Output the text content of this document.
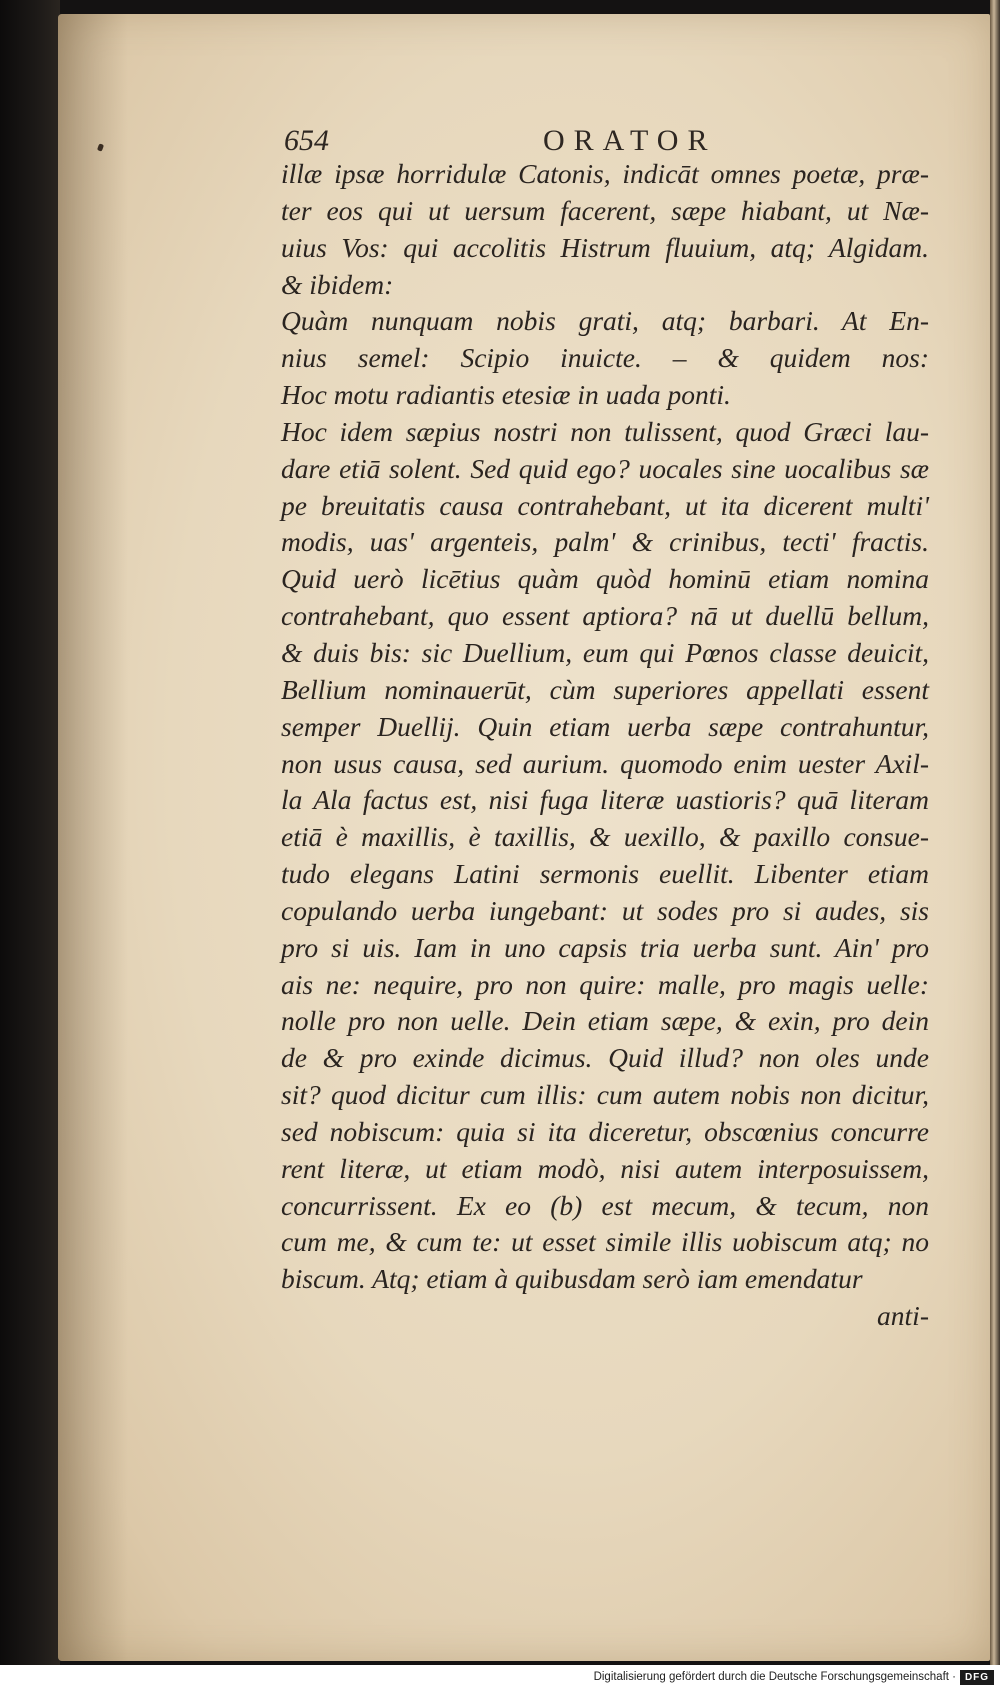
654	ORATOR
illæ ipsæ horridulæ Catonis, indicāt omnes poetæ, præ-
ter eos qui ut uersum facerent, sæpe hiabant, ut Næ-
uius Vos: qui accolitis Histrum fluuium, atq; Algidam.
& ibidem:
Quàm nunquam nobis grati, atq; barbari. At En-
nius semel: Scipio inuicte. – & quidem nos:
Hoc motu radiantis etesiæ in uada ponti.
Hoc idem sæpius nostri non tulissent, quod Græci lau-
dare etiā solent. Sed quid ego? uocales sine uocalibus sæ
pe breuitatis causa contrahebant, ut ita dicerent multi'
modis, uas' argenteis, palm' & crinibus, tecti' fractis.
Quid uerò licētius quàm quòd hominū etiam nomina
contrahebant, quo essent aptiora? nā ut duellū bellum,
& duis bis: sic Duellium, eum qui Pœnos classe deuicit,
Bellium nominauerūt, cùm superiores appellati essent
semper Duellij. Quin etiam uerba sæpe contrahuntur,
non usus causa, sed aurium. quomodo enim uester Axil-
la Ala factus est, nisi fuga literæ uastioris? quā literam
etiā è maxillis, è taxillis, & uexillo, & paxillo consue-
tudo elegans Latini sermonis euellit. Libenter etiam
copulando uerba iungebant: ut sodes pro si audes, sis
pro si uis. Iam in uno capsis tria uerba sunt. Ain' pro
ais ne: nequire, pro non quire: malle, pro magis uelle:
nolle pro non uelle. Dein etiam sæpe, & exin, pro dein
de & pro exinde dicimus. Quid illud? non oles unde
sit? quod dicitur cum illis: cum autem nobis non dicitur,
sed nobiscum: quia si ita diceretur, obscœnius concurre
rent literæ, ut etiam modò, nisi autem interposuissem,
concurrissent. Ex eo (b) est mecum, & tecum, non
cum me, & cum te: ut esset simile illis uobiscum atq; no
biscum. Atq; etiam à quibusdam serò iam emendatur
anti-
Digitalisierung gefördert durch die Deutsche Forschungsgemeinschaft · DFG
